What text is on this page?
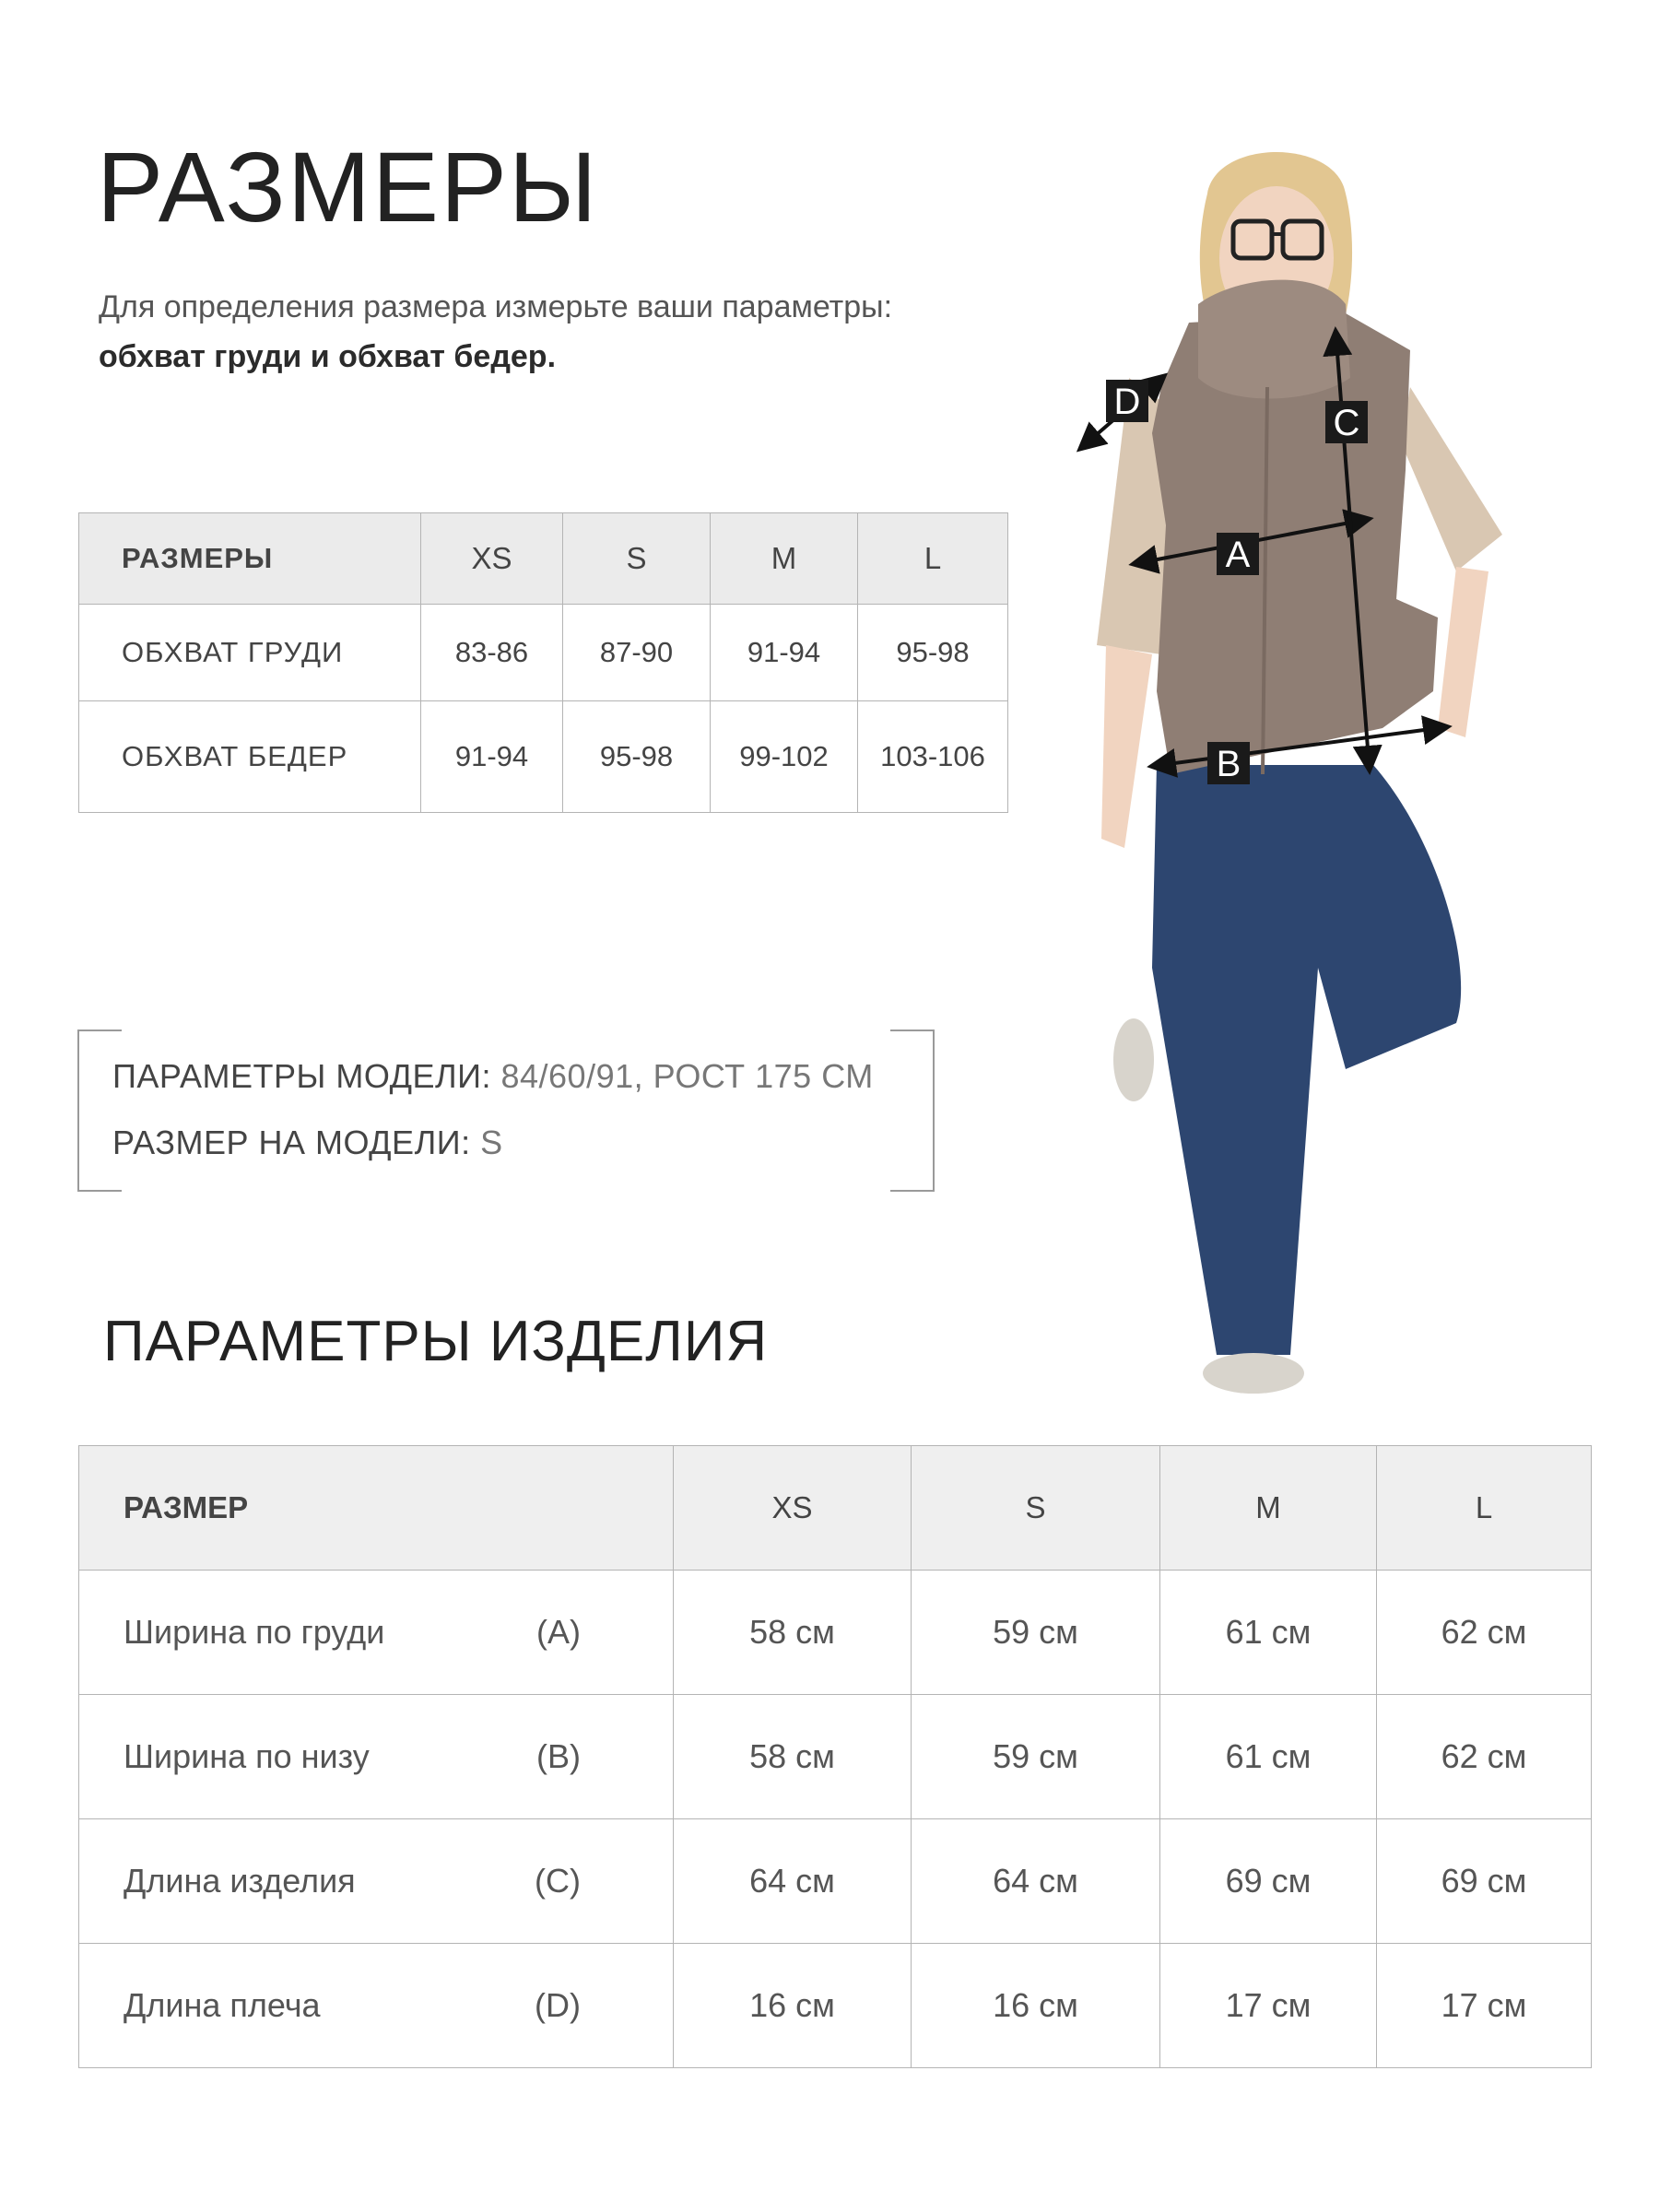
РАЗМЕРЫ
Для определения размера измерьте ваши параметры: обхват груди и обхват бедер.
РАЗМЕРЫ	XS	S	M	L
ОБХВАТ ГРУДИ	83-86	87-90	91-94	95-98
ОБХВАТ БЕДЕР	91-94	95-98	99-102	103-106
ПАРАМЕТРЫ МОДЕЛИ: 84/60/91, РОСТ 175 СМ
РАЗМЕР НА МОДЕЛИ: S
ПАРАМЕТРЫ ИЗДЕЛИЯ
РАЗМЕР	XS	S	M	L

Ширина по груди (A)	58 см	59 см	61 см	62 см

Ширина по низу (B)	58 см	59 см	61 см	62 см

Длина изделия (C)	64 см	64 см	69 см	69 см

Длина плеча (D)	16 см	16 см	17 см	17 см
A
B
C
D
